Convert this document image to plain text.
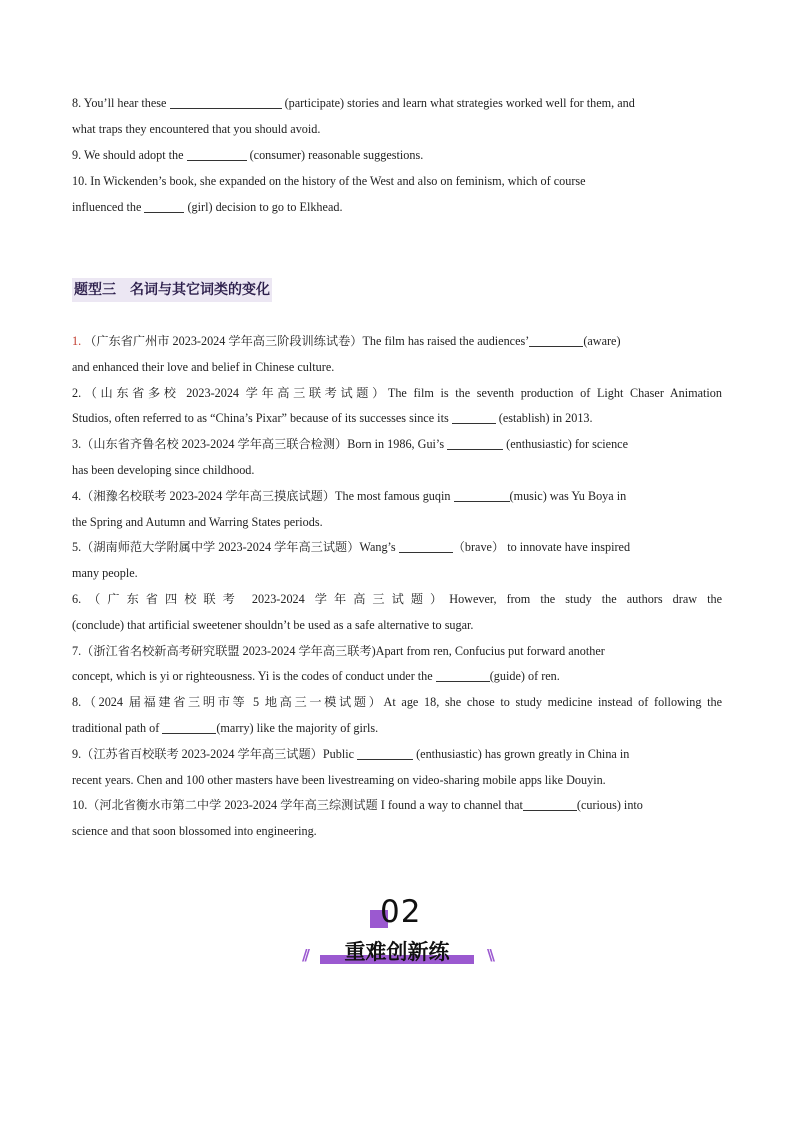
8. You’ll hear these	(participate) stories and learn what strategies worked well for them, and

what traps they encountered that you should avoid.

9. We should adopt the	(consumer) reasonable suggestions.

10. In Wickenden’s book, she expanded on the history of the West and also on feminism, which of course

influenced the	(girl) decision to go to Elkhead.

题型三 名词与其它词类的变化

1. （广东省广州市 2023-2024 学年高三阶段训练试卷）The film has raised the audiences’	(aware)

and enhanced their love and belief in Chinese culture.

2.（山东省多校 2023-2024 学年高三联考试题）The film is the seventh production of Light Chaser Animation

Studios, often referred to as “China’s Pixar” because of its successes since its	(establish) in 2013.

3.（山东省齐鲁名校 2023-2024 学年高三联合检测）Born in 1986, Gui’s	(enthusiastic) for science

has been developing since childhood.

4.（湘豫名校联考 2023-2024 学年高三摸底试题）The most famous guqin	(music) was Yu Boya in

the Spring and Autumn and Warring States periods.

5.（湖南师范大学附属中学 2023-2024 学年高三试题）Wang’s	（brave） to innovate have inspired

many people.

6.（广东省四校联考 2023-2024 学年高三试题）However, from the study the authors draw the

(conclude) that artificial sweetener shouldn’t be used as a safe alternative to sugar.

7.（浙江省名校新高考研究联盟 2023-2024 学年高三联考)Apart from ren, Confucius put forward another

concept, which is yi or righteousness. Yi is the codes of conduct under the	(guide) of ren.

8.（2024 届福建省三明市等 5 地高三一模试题）At age 18, she chose to study medicine instead of following the

traditional path of	(marry) like the majority of girls.

9.（江苏省百校联考 2023-2024 学年高三试题）Public	(enthusiastic) has grown greatly in China in

recent years. Chen and 100 other masters have been livestreaming on video-sharing mobile apps like Douyin.

10.（河北省衡水市第二中学 2023-2024 学年高三综测试题 I found a way to channel that	(curious) into

science and that soon blossomed into engineering.

02
//	重难创新练	\\
